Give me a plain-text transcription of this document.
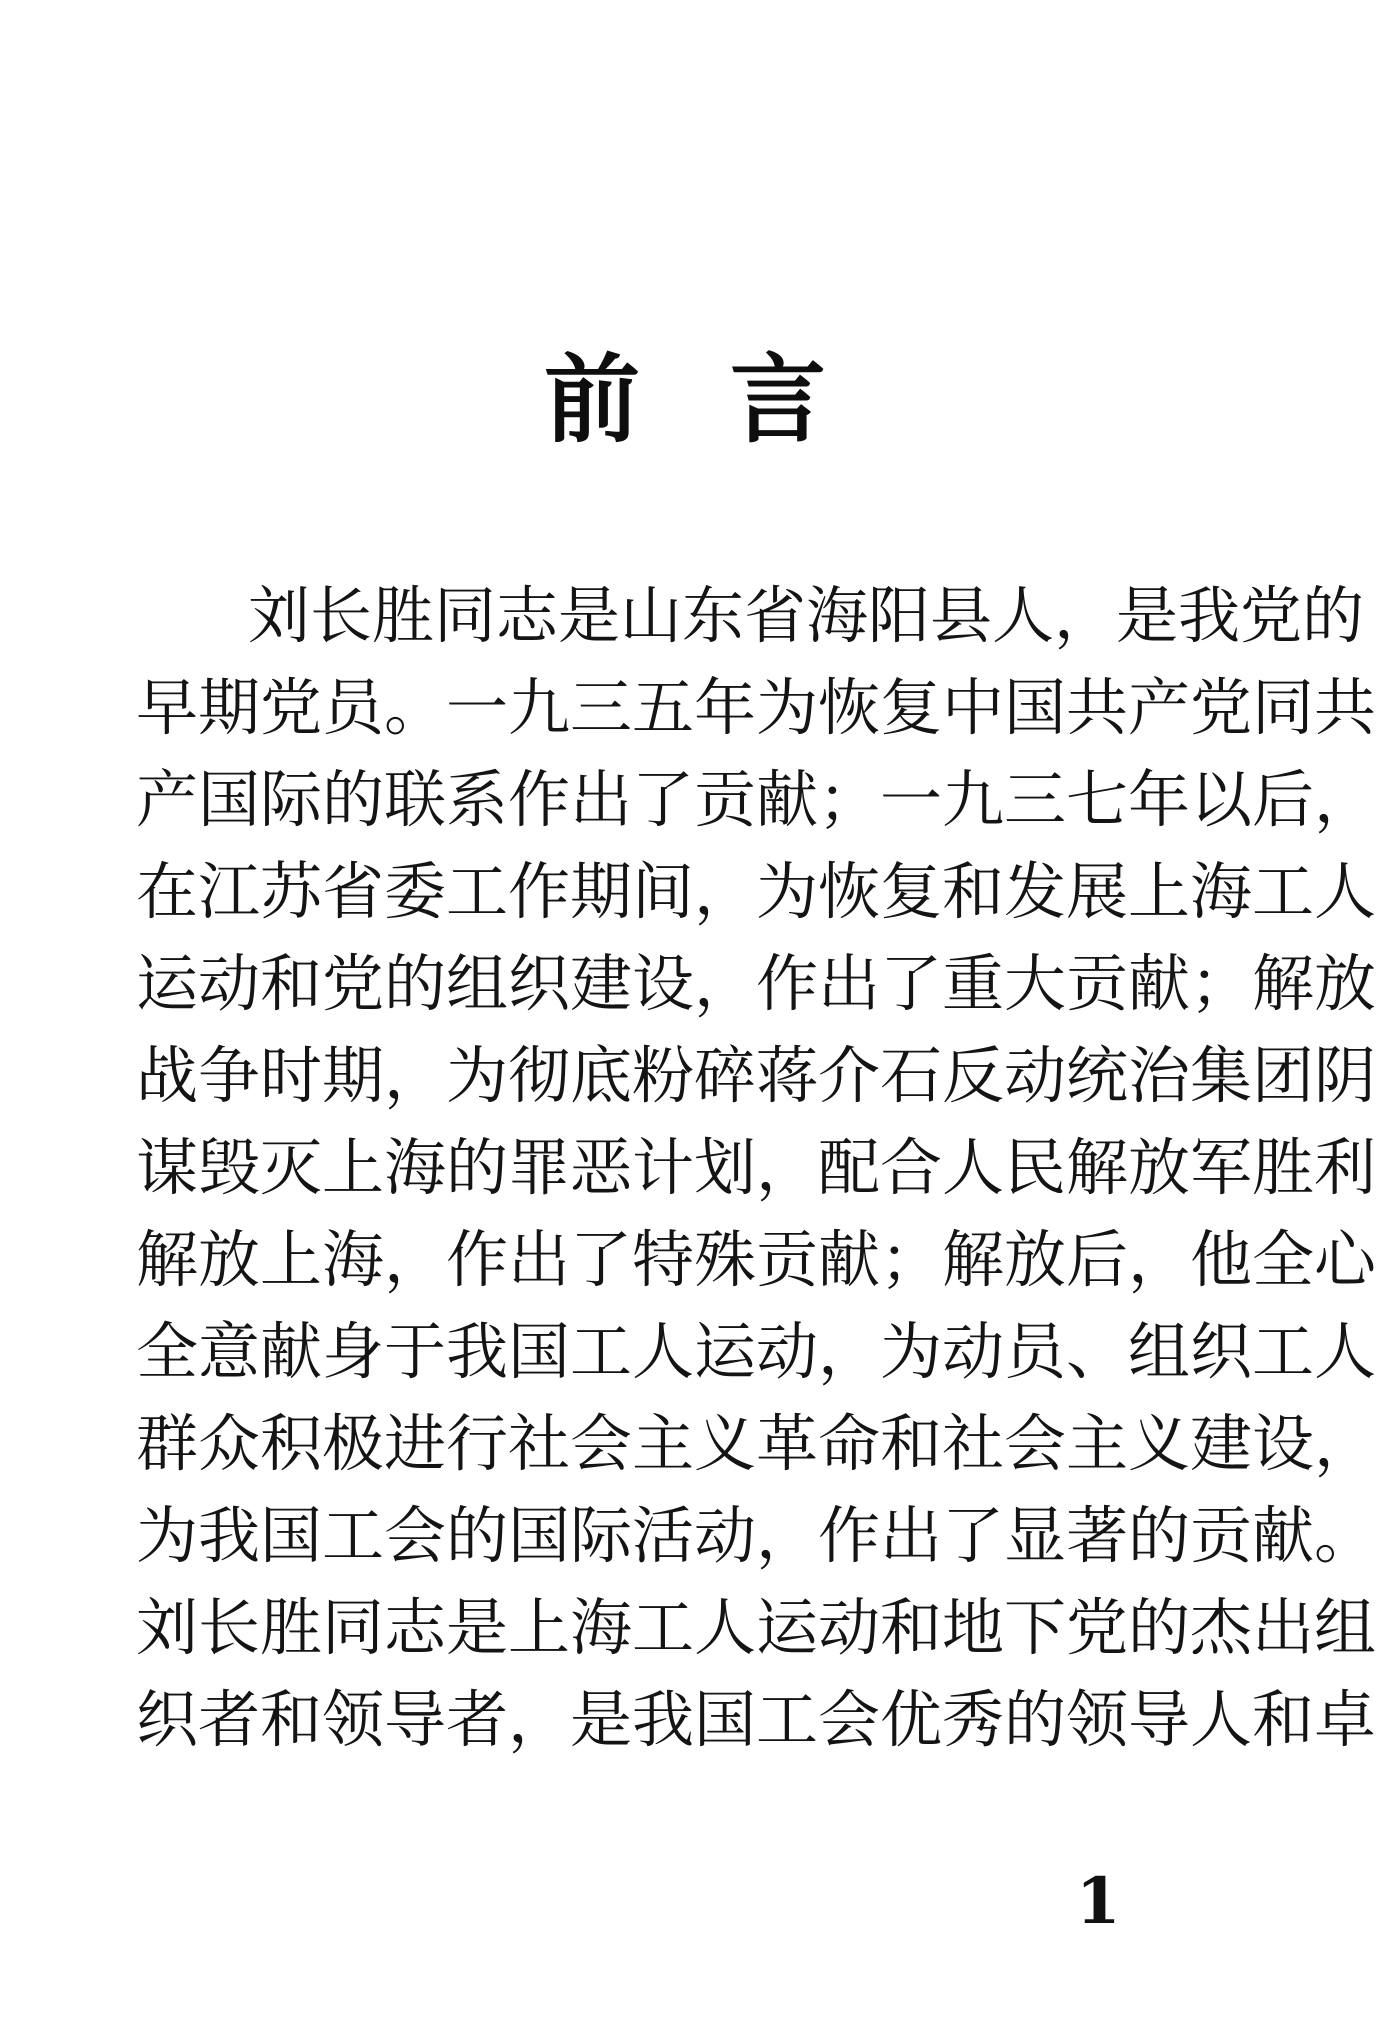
前言
刘长胜同志是山东省海阳县人，是我党的
早期党员。一九三五年为恢复中国共产党同共
产国际的联系作出了贡献；一九三七年以后，
在江苏省委工作期间，为恢复和发展上海工人
运动和党的组织建设，作出了重大贡献；解放
战争时期，为彻底粉碎蒋介石反动统治集团阴
谋毁灭上海的罪恶计划，配合人民解放军胜利
解放上海，作出了特殊贡献；解放后，他全心
全意献身于我国工人运动，为动员、组织工人
群众积极进行社会主义革命和社会主义建设，
为我国工会的国际活动，作出了显著的贡献。
刘长胜同志是上海工人运动和地下党的杰出组
织者和领导者，是我国工会优秀的领导人和卓
1
